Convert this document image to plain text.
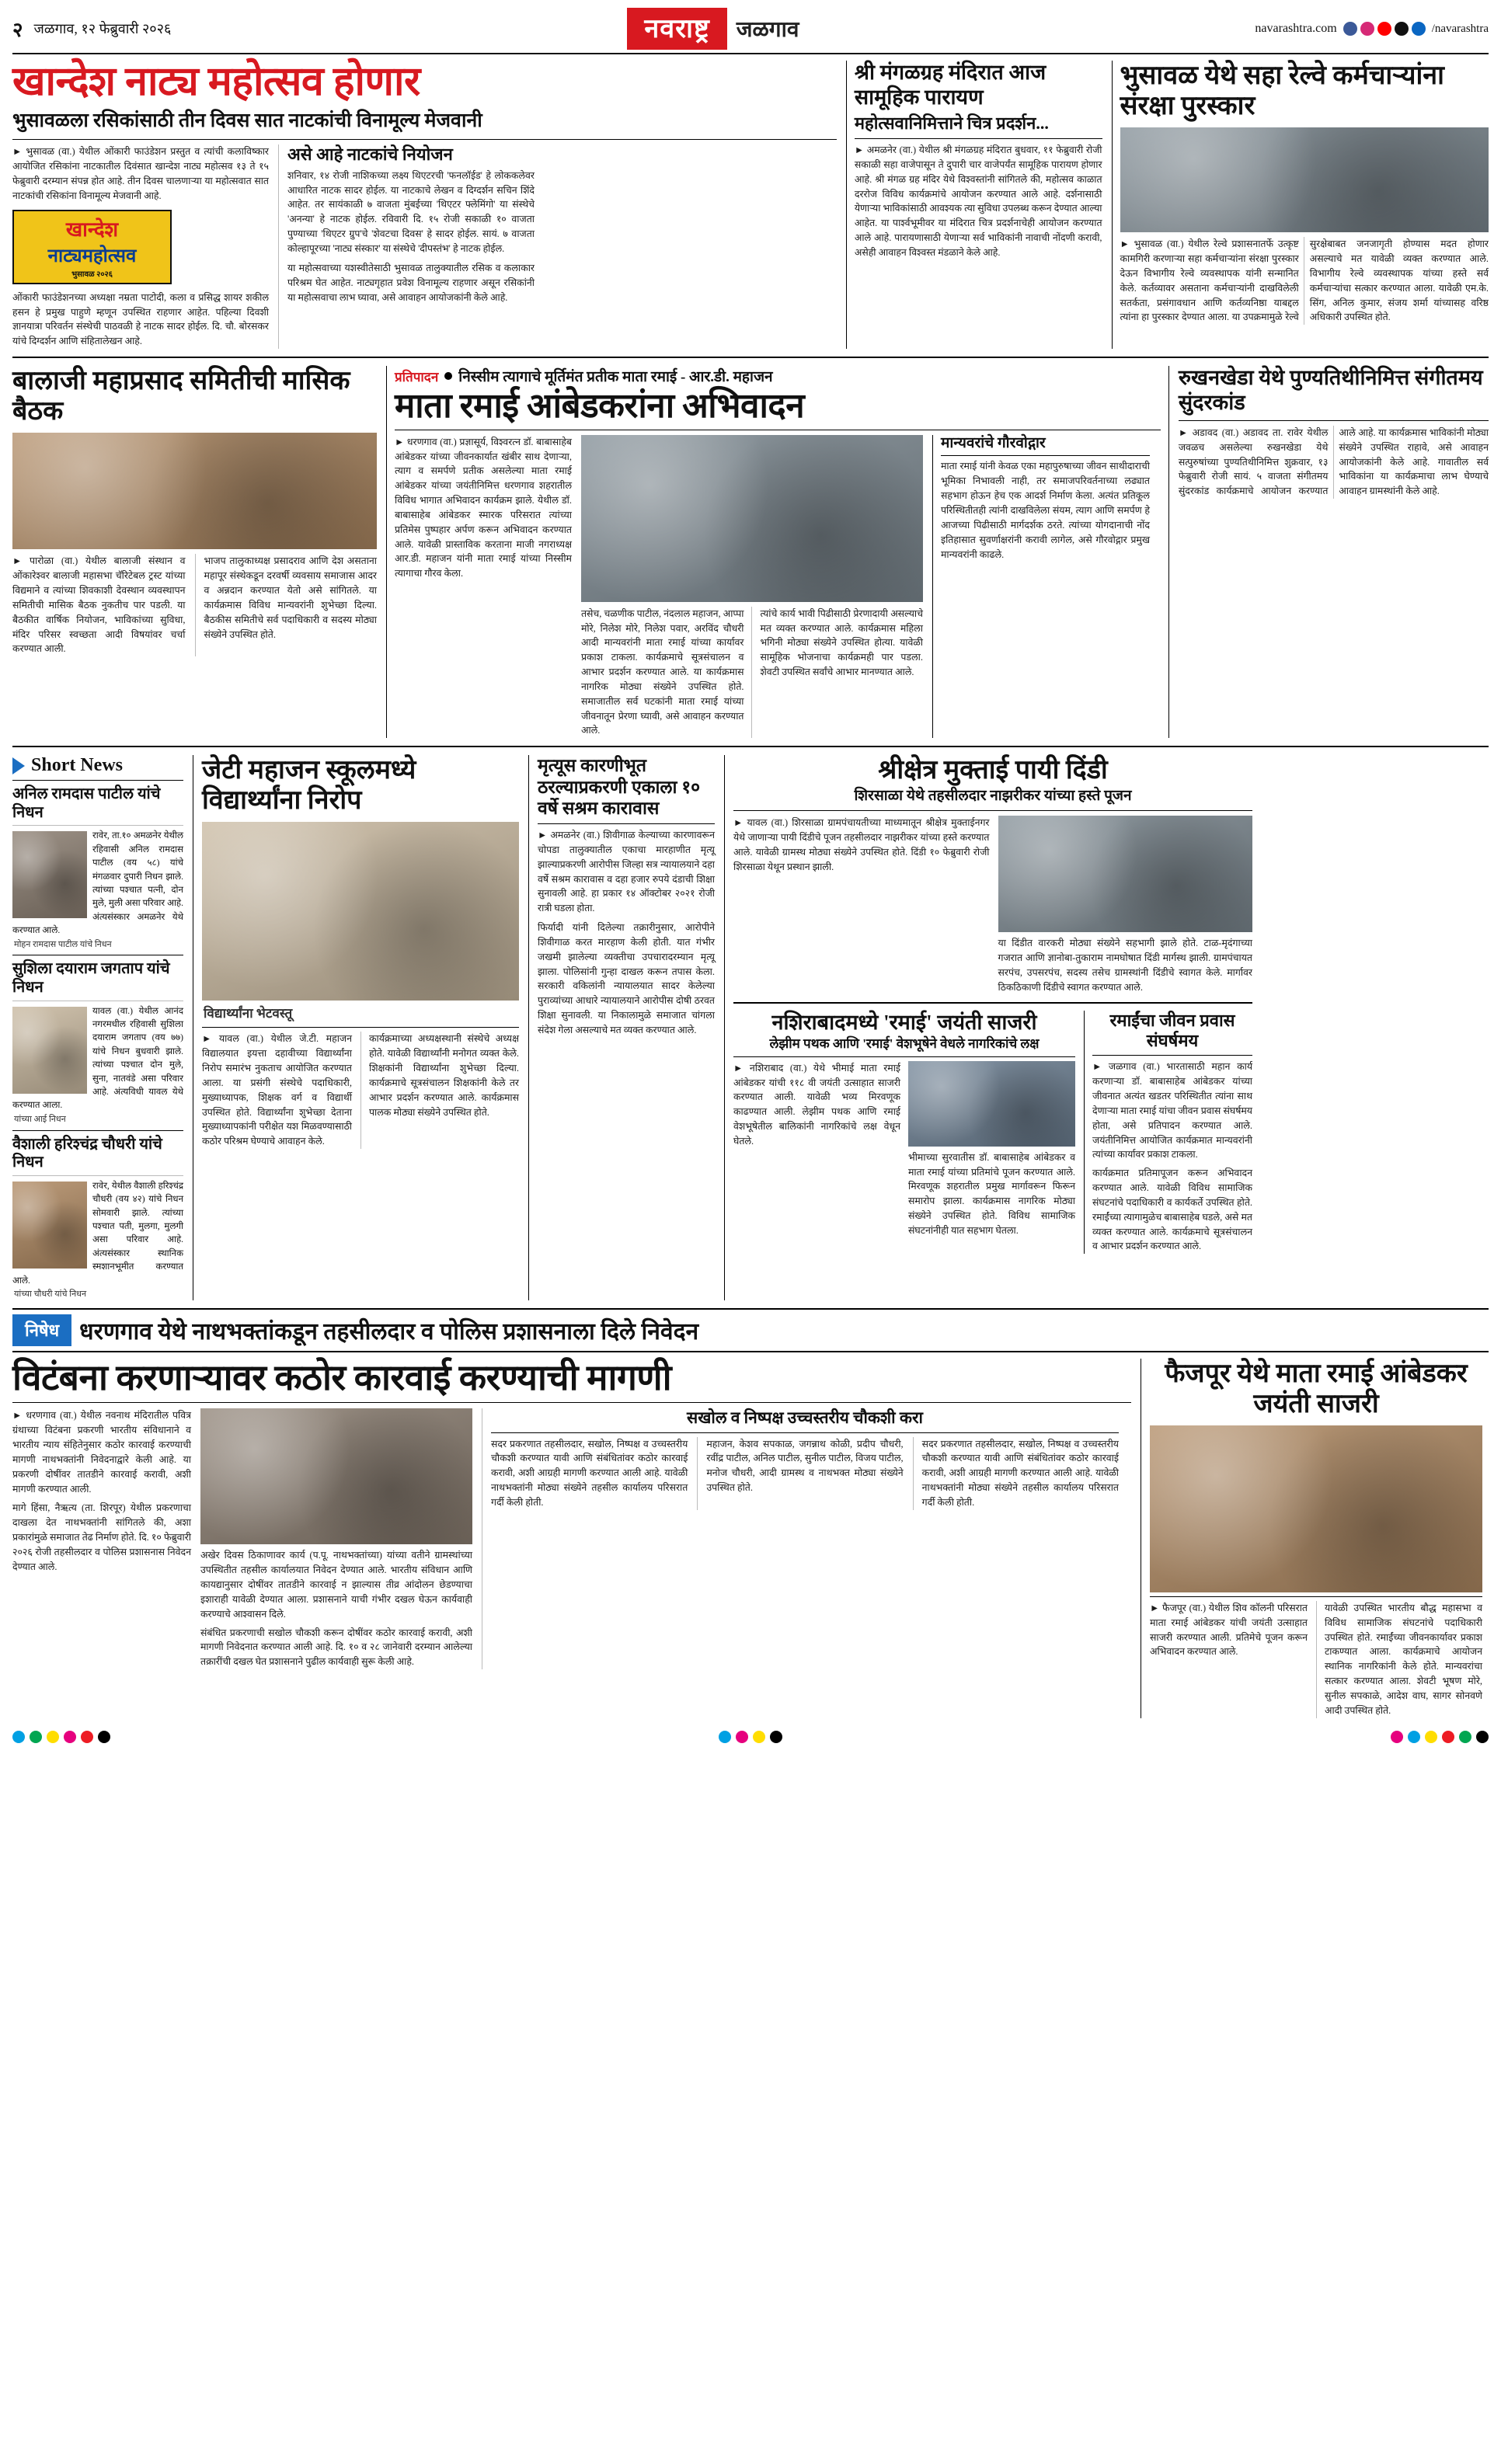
२ जळगाव, १२ फेब्रुवारी २०२६	नवराष्ट्र	जळगाव	navarashtra.com	/navarashtra
खान्देश नाट्य महोत्सव होणार
भुसावळला रसिकांसाठी तीन दिवस सात नाटकांची विनामूल्य मेजवानी
► भुसावळ (वा.) येथील ओंकारी फाउंडेशन प्रस्तुत व त्यांची कलाविष्कार आयोजित रसिकांना नाटकातील दिवंसात खान्देश नाट्य महोत्सव १३ ते १५ फेब्रुवारी दरम्यान संपन्न होत आहे. तीन दिवस चालणाऱ्या या महोत्सवात सात नाटकांची रसिकांना विनामूल्य मेजवानी आहे.
खान्देश
नाट्यमहोत्सव
भुसावळ २०२६
ओंकारी फाउंडेशनच्या अध्यक्षा नम्रता पाटोदी, कला व प्रसिद्ध शायर शकील हसन हे प्रमुख पाहुणे म्हणून उपस्थित राहणार आहेत. पहिल्या दिवशी ज्ञानयात्रा परिवर्तन संस्थेची पाठवळी हे नाटक सादर होईल. दि. चौ. बोरसकर यांचे दिग्दर्शन आणि संहितालेखन आहे.
असे आहे नाटकांचे नियोजन
शनिवार, १४ रोजी नाशिकच्या लक्ष्य थिएटरची 'फनलॉईड' हे लोककलेवर आधारित नाटक सादर होईल. या नाटकाचे लेखन व दिग्दर्शन सचिन शिंदे आहेत. तर सायंकाळी ७ वाजता मुंबईच्या 'थिएटर फ्लेमिंगो' या संस्थेचे 'अनन्या' हे नाटक होईल. रविवारी दि. १५ रोजी सकाळी १० वाजता पुण्याच्या 'थिएटर ग्रुप'चे 'शेवटचा दिवस' हे सादर होईल. सायं. ७ वाजता कोल्हापूरच्या 'नाट्य संस्कार' या संस्थेचे 'दीपस्तंभ' हे नाटक होईल.
या महोत्सवाच्या यशस्वीतेसाठी भुसावळ तालुक्यातील रसिक व कलाकार परिश्रम घेत आहेत. नाट्यगृहात प्रवेश विनामूल्य राहणार असून रसिकांनी या महोत्सवाचा लाभ घ्यावा, असे आवाहन आयोजकांनी केले आहे.
श्री मंगळग्रह मंदिरात आज सामूहिक पारायण
महोत्सवानिमित्ताने चित्र प्रदर्शन...
► अमळनेर (वा.) येथील श्री मंगळग्रह मंदिरात बुधवार, ११ फेब्रुवारी रोजी सकाळी सहा वाजेपासून ते दुपारी चार वाजेपर्यंत सामूहिक पारायण होणार आहे. श्री मंगळ ग्रह मंदिर येथे विश्वस्तांनी सांगितले की, महोत्सव काळात दररोज विविध कार्यक्रमांचे आयोजन करण्यात आले आहे. दर्शनासाठी येणाऱ्या भाविकांसाठी आवश्यक त्या सुविधा उपलब्ध करून देण्यात आल्या आहेत. या पार्श्वभूमीवर या मंदिरात चित्र प्रदर्शनाचेही आयोजन करण्यात आले आहे. पारायणासाठी येणाऱ्या सर्व भाविकांनी नावाची नोंदणी करावी, असेही आवाहन विश्वस्त मंडळाने केले आहे.
भुसावळ येथे सहा रेल्वे कर्मचाऱ्यांना संरक्षा पुरस्कार
► भुसावळ (वा.) येथील रेल्वे प्रशासनातर्फे उत्कृष्ट कामगिरी करणाऱ्या सहा कर्मचाऱ्यांना संरक्षा पुरस्कार देऊन विभागीय रेल्वे व्यवस्थापक यांनी सन्मानित केले. कर्तव्यावर असताना कर्मचाऱ्यांनी दाखविलेली सतर्कता, प्रसंगावधान आणि कर्तव्यनिष्ठा याबद्दल त्यांना हा पुरस्कार देण्यात आला. या उपक्रमामुळे रेल्वे सुरक्षेबाबत जनजागृती होण्यास मदत होणार असल्याचे मत यावेळी व्यक्त करण्यात आले. विभागीय रेल्वे व्यवस्थापक यांच्या हस्ते सर्व कर्मचाऱ्यांचा सत्कार करण्यात आला. यावेळी एम.के. सिंग, अनिल कुमार, संजय शर्मा यांच्यासह वरिष्ठ अधिकारी उपस्थित होते.
बालाजी महाप्रसाद समितीची मासिक बैठक
► पारोळा (वा.) येथील बालाजी संस्थान व ओंकारेश्वर बालाजी महासभा चॅरिटेबल ट्रस्ट यांच्या विद्यमाने व त्यांच्या शिवकाशी देवस्थान व्यवस्थापन समितीची मासिक बैठक नुकतीच पार पडली. या बैठकीत वार्षिक नियोजन, भाविकांच्या सुविधा, मंदिर परिसर स्वच्छता आदी विषयांवर चर्चा करण्यात आली.
भाजप तालुकाध्यक्ष प्रसादराव आणि देश असताना महापूर संस्थेकडून दरवर्षी व्यवसाय समाजास आदर व अन्नदान करण्यात येतो असे सांगितले. या कार्यक्रमास विविध मान्यवरांनी शुभेच्छा दिल्या. बैठकीस समितीचे सर्व पदाधिकारी व सदस्य मोठ्या संख्येने उपस्थित होते.
प्रतिपादन निस्सीम त्यागाचे मूर्तिमंत प्रतीक माता रमाई - आर.डी. महाजन
माता रमाई आंबेडकरांना अभिवादन
► धरणगाव (वा.) प्रज्ञासूर्य, विश्वरत्न डॉ. बाबासाहेब आंबेडकर यांच्या जीवनकार्यात खंबीर साथ देणाऱ्या, त्याग व समर्पणे प्रतीक असलेल्या माता रमाई आंबेडकर यांच्या जयंतीनिमित्त धरणगाव शहरातील विविध भागात अभिवादन कार्यक्रम झाले. येथील डॉ. बाबासाहेब आंबेडकर स्मारक परिसरात त्यांच्या प्रतिमेस पुष्पहार अर्पण करून अभिवादन करण्यात आले. यावेळी प्रास्ताविक करताना माजी नगराध्यक्ष आर.डी. महाजन यांनी माता रमाई यांच्या निस्सीम त्यागाचा गौरव केला.
तसेच, चळणीक पाटील, नंदलाल महाजन, आप्पा मोरे, निलेश मोरे, निलेश पवार, अरविंद चौधरी आदी मान्यवरांनी माता रमाई यांच्या कार्यावर प्रकाश टाकला. कार्यक्रमाचे सूत्रसंचालन व आभार प्रदर्शन करण्यात आले. या कार्यक्रमास नागरिक मोठ्या संख्येने उपस्थित होते. समाजातील सर्व घटकांनी माता रमाई यांच्या जीवनातून प्रेरणा घ्यावी, असे आवाहन करण्यात आले.
त्यांचे कार्य भावी पिढीसाठी प्रेरणादायी असल्याचे मत व्यक्त करण्यात आले. कार्यक्रमास महिला भगिनी मोठ्या संख्येने उपस्थित होत्या. यावेळी सामूहिक भोजनाचा कार्यक्रमही पार पडला. शेवटी उपस्थित सर्वांचे आभार मानण्यात आले.
मान्यवरांचे गौरवोद्गार
माता रमाई यांनी केवळ एका महापुरुषाच्या जीवन साथीदाराची भूमिका निभावली नाही, तर समाजपरिवर्तनाच्या लढ्यात सहभाग होऊन हेच एक आदर्श निर्माण केला. अत्यंत प्रतिकूल परिस्थितीतही त्यांनी दाखविलेला संयम, त्याग आणि समर्पण हे आजच्या पिढीसाठी मार्गदर्शक ठरते. त्यांच्या योगदानाची नोंद इतिहासात सुवर्णाक्षरांनी करावी लागेल, असे गौरवोद्गार प्रमुख मान्यवरांनी काढले.
रुखनखेडा येथे पुण्यतिथीनिमित्त संगीतमय सुंदरकांड
► अडावद (वा.) अडावद ता. रावेर येथील जवळच असलेल्या रुखनखेडा येथे सत्पुरुषांच्या पुण्यतिथीनिमित्त शुक्रवार, १३ फेब्रुवारी रोजी सायं. ५ वाजता संगीतमय सुंदरकांड कार्यक्रमाचे आयोजन करण्यात आले आहे. या कार्यक्रमास भाविकांनी मोठ्या संख्येने उपस्थित राहावे, असे आवाहन आयोजकांनी केले आहे. गावातील सर्व भाविकांना या कार्यक्रमाचा लाभ घेण्याचे आवाहन ग्रामस्थांनी केले आहे.
Short News
अनिल रामदास पाटील यांचे निधन
रावेर, ता.१० अमळनेर येथील रहिवासी अनिल रामदास पाटील (वय ५८) यांचे मंगळवार दुपारी निधन झाले. त्यांच्या पश्चात पत्नी, दोन मुले, मुली असा परिवार आहे. अंत्यसंस्कार अमळनेर येथे करण्यात आले.
मोहन रामदास पाटील यांचे निधन
सुशिला दयाराम जगताप यांचे निधन
यावल (वा.) येथील आनंद नगरमधील रहिवासी सुशिला दयाराम जगताप (वय ७७) यांचे निधन बुधवारी झाले. त्यांच्या पश्चात दोन मुले, सुना, नातवंडे असा परिवार आहे. अंत्यविधी यावल येथे करण्यात आला.
यांच्या आई निधन
वैशाली हरिश्चंद्र चौधरी यांचे निधन
रावेर, येथील वैशाली हरिश्चंद्र चौधरी (वय ४२) यांचे निधन सोमवारी झाले. त्यांच्या पश्चात पती, मुलगा, मुलगी असा परिवार आहे. अंत्यसंस्कार स्थानिक स्मशानभूमीत करण्यात आले.
यांच्या चौधरी यांचे निधन
जेटी महाजन स्कूलमध्ये विद्यार्थ्यांना निरोप
विद्यार्थ्यांना भेटवस्तू
► यावल (वा.) येथील जे.टी. महाजन विद्यालयात इयत्ता दहावीच्या विद्यार्थ्यांना निरोप समारंभ नुकताच आयोजित करण्यात आला. या प्रसंगी संस्थेचे पदाधिकारी, मुख्याध्यापक, शिक्षक वर्ग व विद्यार्थी उपस्थित होते. विद्यार्थ्यांना शुभेच्छा देताना मुख्याध्यापकांनी परीक्षेत यश मिळवण्यासाठी कठोर परिश्रम घेण्याचे आवाहन केले.
कार्यक्रमाच्या अध्यक्षस्थानी संस्थेचे अध्यक्ष होते. यावेळी विद्यार्थ्यांनी मनोगत व्यक्त केले. शिक्षकांनी विद्यार्थ्यांना शुभेच्छा दिल्या. कार्यक्रमाचे सूत्रसंचालन शिक्षकांनी केले तर आभार प्रदर्शन करण्यात आले. कार्यक्रमास पालक मोठ्या संख्येने उपस्थित होते.
मृत्यूस कारणीभूत ठरल्याप्रकरणी एकाला १० वर्षे सश्रम कारावास
► अमळनेर (वा.) शिवीगाळ केल्याच्या कारणावरून चोपडा तालुक्यातील एकाचा मारहाणीत मृत्यू झाल्याप्रकरणी आरोपीस जिल्हा सत्र न्यायालयाने दहा वर्षे सश्रम कारावास व दहा हजार रुपये दंडाची शिक्षा सुनावली आहे. हा प्रकार १४ ऑक्टोबर २०२१ रोजी रात्री घडला होता.
फिर्यादी यांनी दिलेल्या तक्रारीनुसार, आरोपीने शिवीगाळ करत मारहाण केली होती. यात गंभीर जखमी झालेल्या व्यक्तीचा उपचारादरम्यान मृत्यू झाला. पोलिसांनी गुन्हा दाखल करून तपास केला. सरकारी वकिलांनी न्यायालयात सादर केलेल्या पुराव्यांच्या आधारे न्यायालयाने आरोपीस दोषी ठरवत शिक्षा सुनावली. या निकालामुळे समाजात चांगला संदेश गेला असल्याचे मत व्यक्त करण्यात आले.
श्रीक्षेत्र मुक्ताई पायी दिंडी
शिरसाळा येथे तहसीलदार नाझरीकर यांच्या हस्ते पूजन
► यावल (वा.) शिरसाळा ग्रामपंचायतीच्या माध्यमातून श्रीक्षेत्र मुक्ताईनगर येथे जाणाऱ्या पायी दिंडीचे पूजन तहसीलदार नाझरीकर यांच्या हस्ते करण्यात आले. यावेळी ग्रामस्थ मोठ्या संख्येने उपस्थित होते. दिंडी १० फेब्रुवारी रोजी शिरसाळा येथून प्रस्थान झाली.
या दिंडीत वारकरी मोठ्या संख्येने सहभागी झाले होते. टाळ-मृदंगाच्या गजरात आणि ज्ञानोबा-तुकाराम नामघोषात दिंडी मार्गस्थ झाली. ग्रामपंचायत सरपंच, उपसरपंच, सदस्य तसेच ग्रामस्थांनी दिंडीचे स्वागत केले. मार्गावर ठिकठिकाणी दिंडीचे स्वागत करण्यात आले.
नशिराबादमध्ये 'रमाई' जयंती साजरी
लेझीम पथक आणि 'रमाई' वेशभूषेने वेधले नागरिकांचे लक्ष
► नशिराबाद (वा.) येथे भीमाई माता रमाई आंबेडकर यांची ११८ वी जयंती उत्साहात साजरी करण्यात आली. यावेळी भव्य मिरवणूक काढण्यात आली. लेझीम पथक आणि रमाई वेशभूषेतील बालिकांनी नागरिकांचे लक्ष वेधून घेतले.
भीमाच्या सुरवातीस डॉ. बाबासाहेब आंबेडकर व माता रमाई यांच्या प्रतिमांचे पूजन करण्यात आले. मिरवणूक शहरातील प्रमुख मार्गावरून फिरून समारोप झाला. कार्यक्रमास नागरिक मोठ्या संख्येने उपस्थित होते. विविध सामाजिक संघटनांनीही यात सहभाग घेतला.
रमाईंचा जीवन प्रवास संघर्षमय
► जळगाव (वा.) भारतासाठी महान कार्य करणाऱ्या डॉ. बाबासाहेब आंबेडकर यांच्या जीवनात अत्यंत खडतर परिस्थितीत त्यांना साथ देणाऱ्या माता रमाई यांचा जीवन प्रवास संघर्षमय होता, असे प्रतिपादन करण्यात आले. जयंतीनिमित्त आयोजित कार्यक्रमात मान्यवरांनी त्यांच्या कार्यावर प्रकाश टाकला.
कार्यक्रमात प्रतिमापूजन करून अभिवादन करण्यात आले. यावेळी विविध सामाजिक संघटनांचे पदाधिकारी व कार्यकर्ते उपस्थित होते. रमाईंच्या त्यागामुळेच बाबासाहेब घडले, असे मत व्यक्त करण्यात आले. कार्यक्रमाचे सूत्रसंचालन व आभार प्रदर्शन करण्यात आले.
निषेध धरणगाव येथे नाथभक्तांकडून तहसीलदार व पोलिस प्रशासनाला दिले निवेदन
विटंबना करणाऱ्यावर कठोर कारवाई करण्याची मागणी
► धरणगाव (वा.) येथील नवनाथ मंदिरातील पवित्र ग्रंथाच्या विटंबना प्रकरणी भारतीय संविधानाने व भारतीय न्याय संहितेनुसार कठोर कारवाई करण्याची मागणी नाथभक्तांनी निवेदनाद्वारे केली आहे. या प्रकरणी दोषींवर तातडीने कारवाई करावी, अशी मागणी करण्यात आली.
मागे हिंसा, नैऋत्य (ता. शिरपूर) येथील प्रकरणाचा दाखला देत नाथभक्तांनी सांगितले की, अशा प्रकारांमुळे समाजात तेढ निर्माण होते. दि. १० फेब्रुवारी २०२६ रोजी तहसीलदार व पोलिस प्रशासनास निवेदन देण्यात आले.
अखेर दिवस ठिकाणावर कार्य (प.पू. नाथभक्तांच्या) यांच्या वतीने ग्रामस्थांच्या उपस्थितीत तहसील कार्यालयात निवेदन देण्यात आले. भारतीय संविधान आणि कायद्यानुसार दोषींवर तातडीने कारवाई न झाल्यास तीव्र आंदोलन छेडण्याचा इशाराही यावेळी देण्यात आला. प्रशासनाने याची गंभीर दखल घेऊन कार्यवाही करण्याचे आश्वासन दिले.
संबंधित प्रकरणाची सखोल चौकशी करून दोषींवर कठोर कारवाई करावी, अशी मागणी निवेदनात करण्यात आली आहे. दि. १० व २८ जानेवारी दरम्यान आलेल्या तक्रारींची दखल घेत प्रशासनाने पुढील कार्यवाही सुरू केली आहे.
सखोल व निष्पक्ष उच्चस्तरीय चौकशी करा
सदर प्रकरणात तहसीलदार, सखोल, निष्पक्ष व उच्चस्तरीय चौकशी करण्यात यावी आणि संबंधितांवर कठोर कारवाई करावी, अशी आग्रही मागणी करण्यात आली आहे. यावेळी नाथभक्तांनी मोठ्या संख्येने तहसील कार्यालय परिसरात गर्दी केली होती.
महाजन, केशव सपकाळ, जगन्नाथ कोळी, प्रदीप चौधरी, रवींद्र पाटील, अनिल पाटील, सुनील पाटील, विजय पाटील, मनोज चौधरी, आदी ग्रामस्थ व नाथभक्त मोठ्या संख्येने उपस्थित होते.
सदर प्रकरणात तहसीलदार, सखोल, निष्पक्ष व उच्चस्तरीय चौकशी करण्यात यावी आणि संबंधितांवर कठोर कारवाई करावी, अशी आग्रही मागणी करण्यात आली आहे. यावेळी नाथभक्तांनी मोठ्या संख्येने तहसील कार्यालय परिसरात गर्दी केली होती.
फैजपूर येथे माता रमाई आंबेडकर जयंती साजरी
► फैजपूर (वा.) येथील शिव कॉलनी परिसरात माता रमाई आंबेडकर यांची जयंती उत्साहात साजरी करण्यात आली. प्रतिमेचे पूजन करून अभिवादन करण्यात आले.
यावेळी उपस्थित भारतीय बौद्ध महासभा व विविध सामाजिक संघटनांचे पदाधिकारी उपस्थित होते. रमाईंच्या जीवनकार्यावर प्रकाश टाकण्यात आला. कार्यक्रमाचे आयोजन स्थानिक नागरिकांनी केले होते. मान्यवरांचा सत्कार करण्यात आला. शेवटी भूषण मोरे, सुनील सपकाळे, आदेश वाघ, सागर सोनवणे आदी उपस्थित होते.
